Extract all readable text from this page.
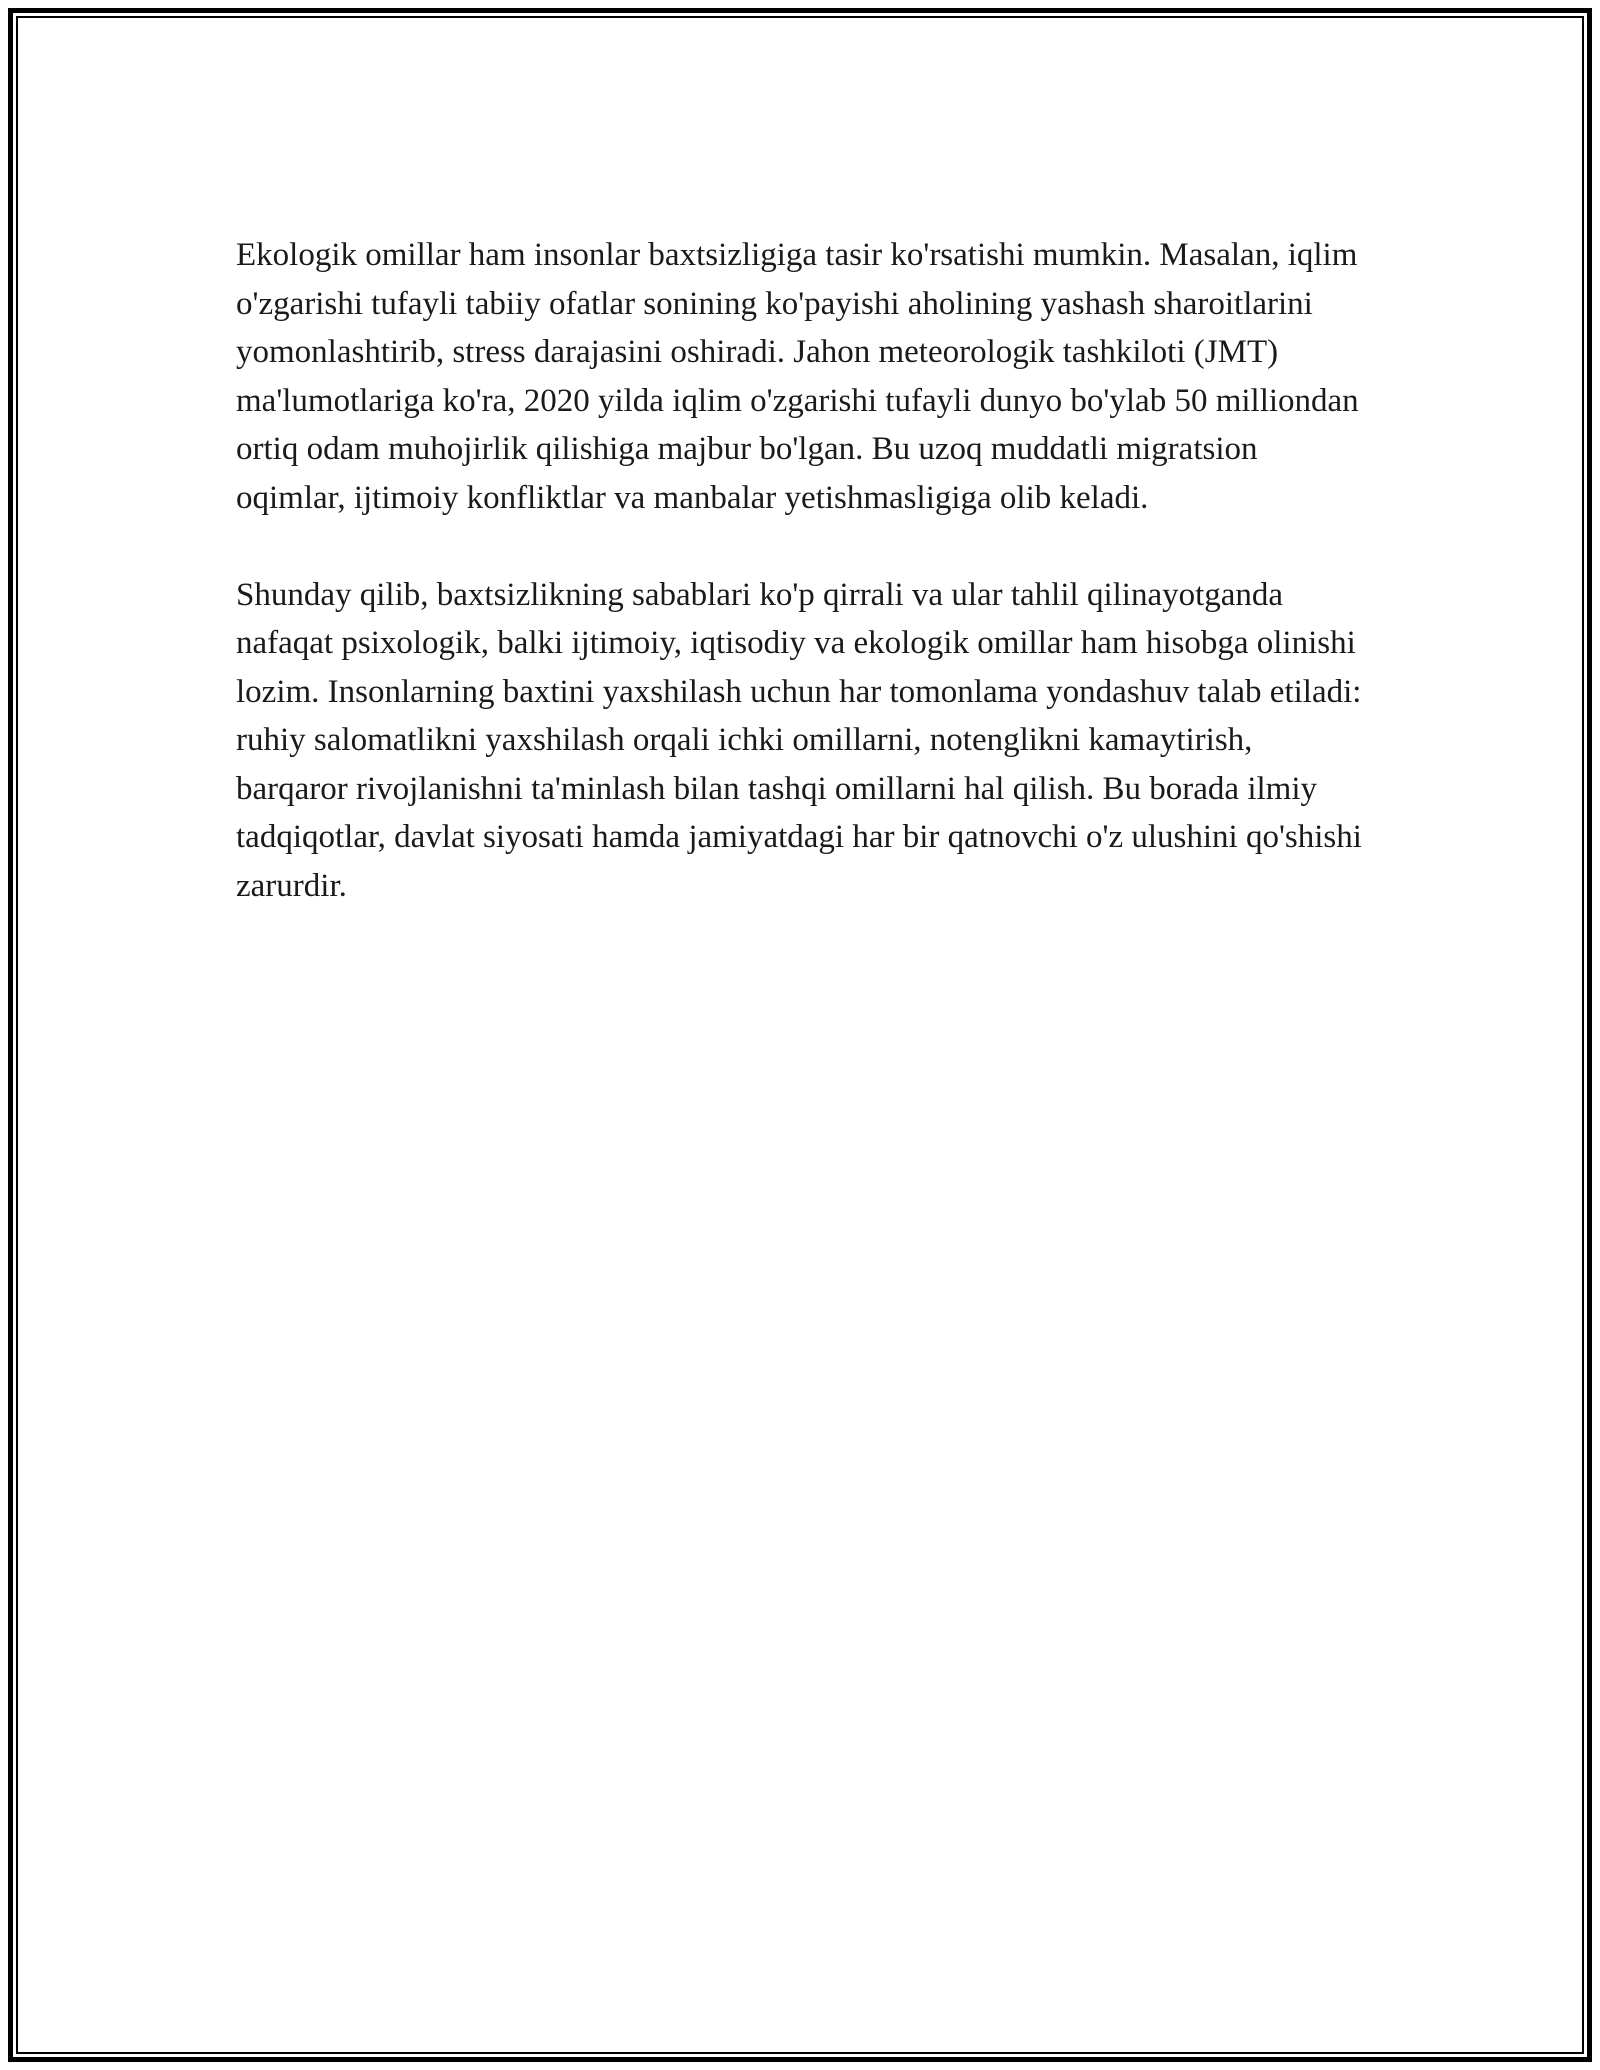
Ekologik omillar ham insonlar baxtsizligiga tasir ko'rsatishi mumkin. Masalan, iqlim o'zgarishi tufayli tabiiy ofatlar sonining ko'payishi aholining yashash sharoitlarini yomonlashtirib, stress darajasini oshiradi. Jahon meteorologik tashkiloti (JMT) ma'lumotlariga ko'ra, 2020 yilda iqlim o'zgarishi tufayli dunyo bo'ylab 50 milliondan ortiq odam muhojirlik qilishiga majbur bo'lgan. Bu uzoq muddatli migratsion oqimlar, ijtimoiy konfliktlar va manbalar yetishmasligiga olib keladi.

Shunday qilib, baxtsizlikning sabablari ko'p qirrali va ular tahlil qilinayotganda nafaqat psixologik, balki ijtimoiy, iqtisodiy va ekologik omillar ham hisobga olinishi lozim. Insonlarning baxtini yaxshilash uchun har tomonlama yondashuv talab etiladi: ruhiy salomatlikni yaxshilash orqali ichki omillarni, notenglikni kamaytirish, barqaror rivojlanishni ta'minlash bilan tashqi omillarni hal qilish. Bu borada ilmiy tadqiqotlar, davlat siyosati hamda jamiyatdagi har bir qatnovchi o'z ulushini qo'shishi zarurdir.
